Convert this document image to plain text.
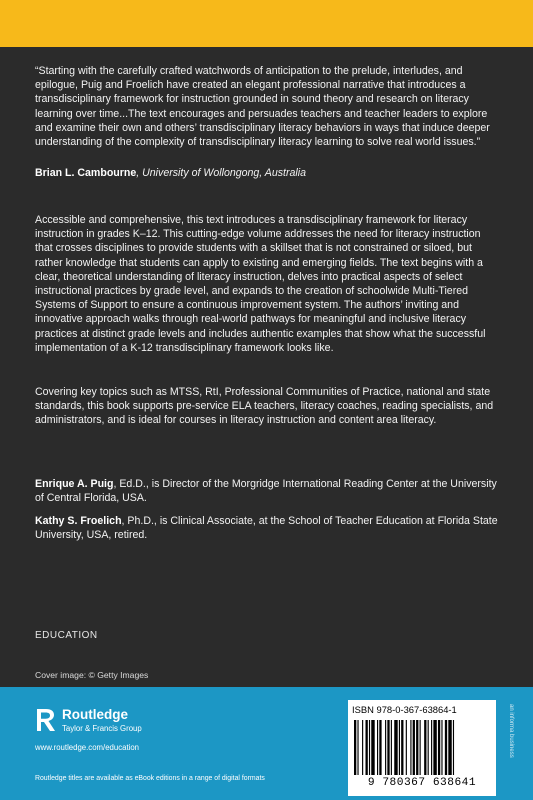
“Starting with the carefully crafted watchwords of anticipation to the prelude, interludes, and epilogue, Puig and Froelich have created an elegant professional narrative that introduces a transdisciplinary framework for instruction grounded in sound theory and research on literacy learning over time...The text encourages and persuades teachers and teacher leaders to explore and examine their own and others’ transdisciplinary literacy behaviors in ways that induce deeper understanding of the complexity of transdisciplinary literacy learning to solve real world issues.”

Brian L. Cambourne, University of Wollongong, Australia

Accessible and comprehensive, this text introduces a transdisciplinary framework for literacy instruction in grades K–12. This cutting-edge volume addresses the need for literacy instruction that crosses disciplines to provide students with a skillset that is not constrained or siloed, but rather knowledge that students can apply to existing and emerging fields. The text begins with a clear, theoretical understanding of literacy instruction, delves into practical aspects of select instructional practices by grade level, and expands to the creation of schoolwide Multi-Tiered Systems of Support to ensure a continuous improvement system. The authors’ inviting and innovative approach walks through real-world pathways for meaningful and inclusive literacy practices at distinct grade levels and includes authentic examples that show what the successful implementation of a K-12 transdisciplinary framework looks like.

Covering key topics such as MTSS, RtI, Professional Communities of Practice, national and state standards, this book supports pre-service ELA teachers, literacy coaches, reading specialists, and administrators, and is ideal for courses in literacy instruction and content area literacy.

Enrique A. Puig, Ed.D., is Director of the Morgridge International Reading Center at the University of Central Florida, USA.

Kathy S. Froelich, Ph.D., is Clinical Associate, at the School of Teacher Education at Florida State University, USA, retired.

EDUCATION
Cover image: © Getty Images
Routledge
Taylor & Francis Group
www.routledge.com/education
Routledge titles are available as eBook editions in a range of digital formats
ISBN 978-0-367-63864-1
9 780367 638641
an informa business
